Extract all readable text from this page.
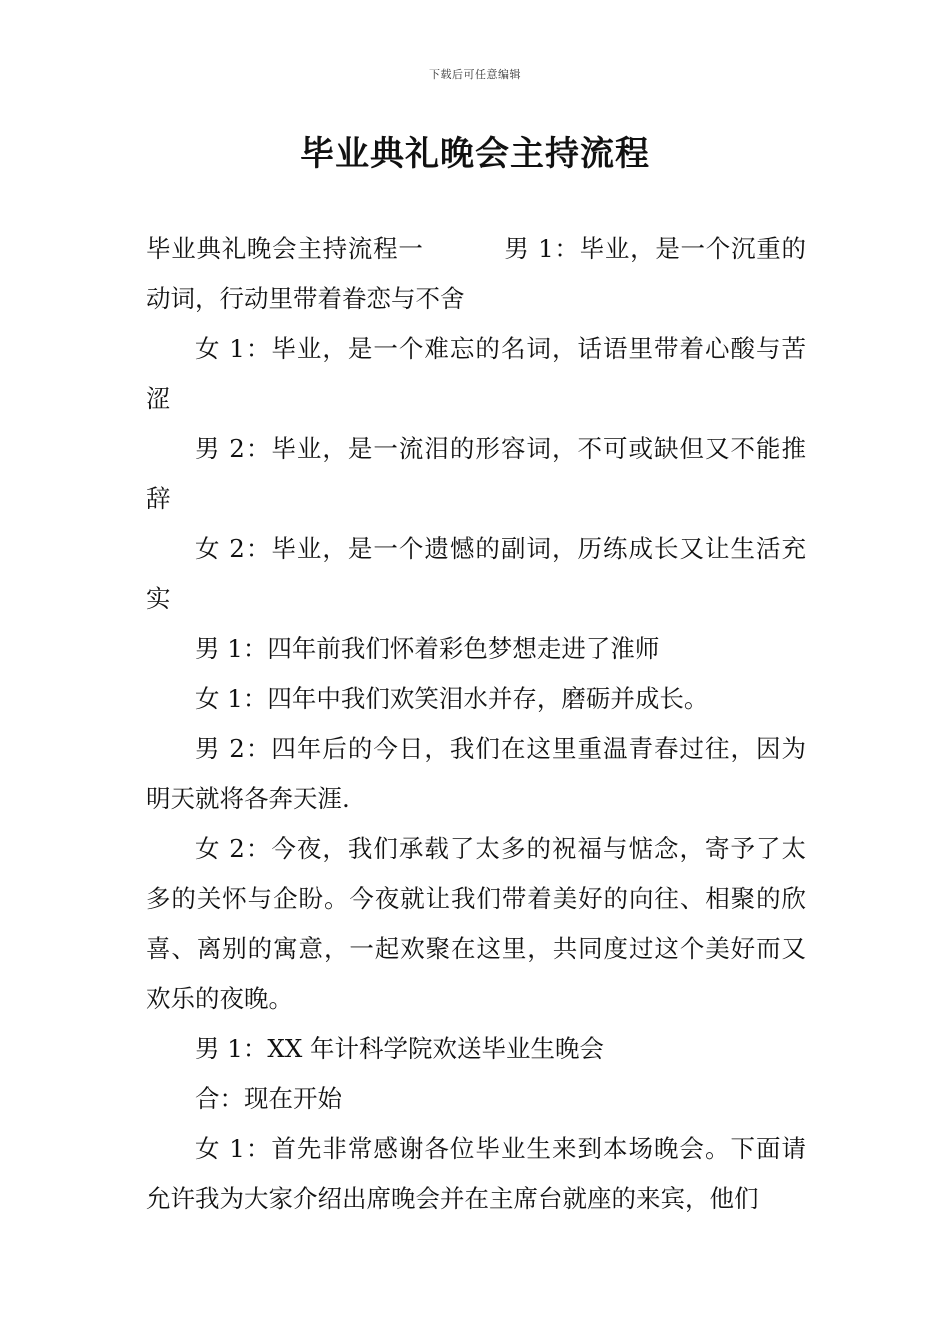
下载后可任意编辑
毕业典礼晚会主持流程

毕业典礼晚会主持流程一	男 1：毕业，是一个沉重的动词，行动里带着眷恋与不舍

女 1：毕业，是一个难忘的名词，话语里带着心酸与苦涩

男 2：毕业，是一流泪的形容词，不可或缺但又不能推辞

女 2：毕业，是一个遗憾的副词，历练成长又让生活充实

男 1：四年前我们怀着彩色梦想走进了淮师

女 1：四年中我们欢笑泪水并存，磨砺并成长。

男 2：四年后的今日，我们在这里重温青春过往，因为明天就将各奔天涯.

女 2：今夜，我们承载了太多的祝福与惦念，寄予了太多的关怀与企盼。今夜就让我们带着美好的向往、相聚的欣喜、离别的寓意，一起欢聚在这里，共同度过这个美好而又欢乐的夜晚。

男 1：XX 年计科学院欢送毕业生晚会

合：现在开始

女 1：首先非常感谢各位毕业生来到本场晚会。下面请允许我为大家介绍出席晚会并在主席台就座的来宾，他们
